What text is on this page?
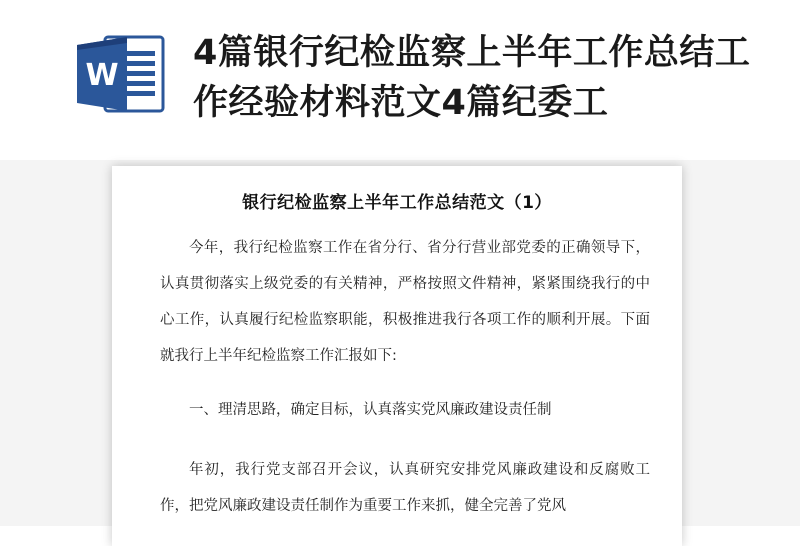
W
4篇银行纪检监察上半年工作总结工作经验材料范文4篇纪委工
银行纪检监察上半年工作总结范文（1）

今年，我行纪检监察工作在省分行、省分行营业部党委的正确领导下，认真贯彻落实上级党委的有关精神，严格按照文件精神，紧紧围绕我行的中心工作，认真履行纪检监察职能，积极推进我行各项工作的顺利开展。下面就我行上半年纪检监察工作汇报如下:

一、理清思路，确定目标，认真落实党风廉政建设责任制

年初，我行党支部召开会议，认真研究安排党风廉政建设和反腐败工作，把党风廉政建设责任制作为重要工作来抓，健全完善了党风
